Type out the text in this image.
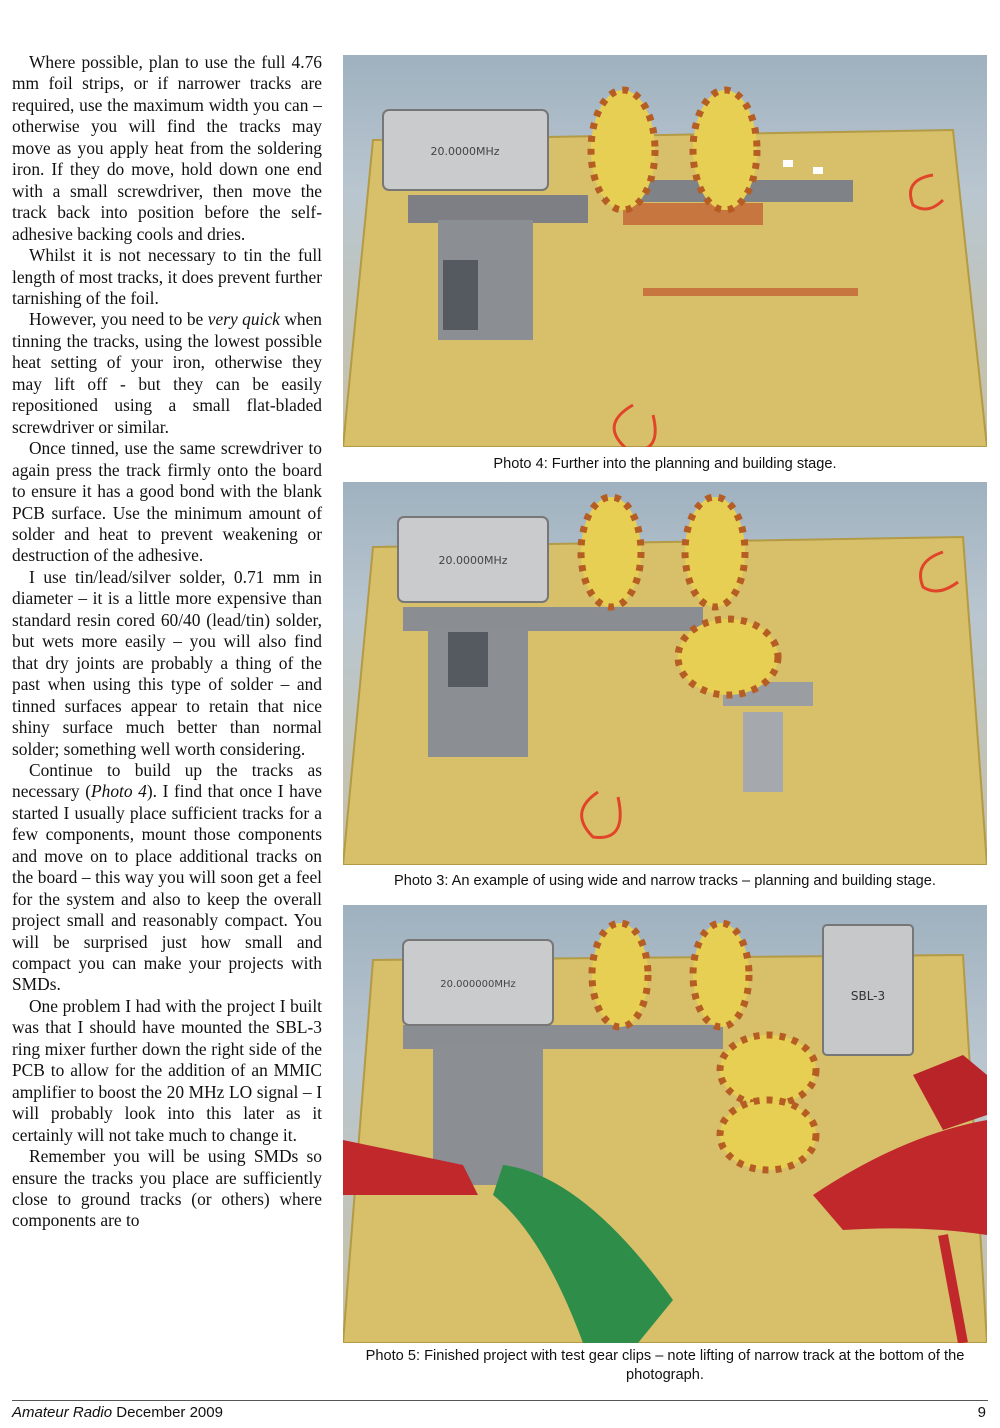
Where possible, plan to use the full 4.76 mm foil strips, or if narrower tracks are required, use the maximum width you can – otherwise you will find the tracks may move as you apply heat from the soldering iron. If they do move, hold down one end with a small screwdriver, then move the track back into position before the self-adhesive backing cools and dries.

Whilst it is not necessary to tin the full length of most tracks, it does prevent further tarnishing of the foil.

However, you need to be very quick when tinning the tracks, using the lowest possible heat setting of your iron, otherwise they may lift off - but they can be easily repositioned using a small flat-bladed screwdriver or similar.

Once tinned, use the same screwdriver to again press the track firmly onto the board to ensure it has a good bond with the blank PCB surface. Use the minimum amount of solder and heat to prevent weakening or destruction of the adhesive.

I use tin/lead/silver solder, 0.71 mm in diameter – it is a little more expensive than standard resin cored 60/40 (lead/tin) solder, but wets more easily – you will also find that dry joints are probably a thing of the past when using this type of solder – and tinned surfaces appear to retain that nice shiny surface much better than normal solder; something well worth considering.

Continue to build up the tracks as necessary (Photo 4). I find that once I have started I usually place sufficient tracks for a few components, mount those components and move on to place additional tracks on the board – this way you will soon get a feel for the system and also to keep the overall project small and reasonably compact. You will be surprised just how small and compact you can make your projects with SMDs.

One problem I had with the project I built was that I should have mounted the SBL-3 ring mixer further down the right side of the PCB to allow for the addition of an MMIC amplifier to boost the 20 MHz LO signal – I will probably look into this later as it certainly will not take much to change it.

Remember you will be using SMDs so ensure the tracks you place are sufficiently close to ground tracks (or others) where components are to

20.0000MHz
Photo 4: Further into the planning and building stage.
20.0000MHz
Photo 3: An example of using wide and narrow tracks – planning and building stage.
20.000000MHz
SBL-3
Photo 5: Finished project with test gear clips – note lifting of narrow track at the bottom of the photograph.
Amateur Radio December 2009	9
